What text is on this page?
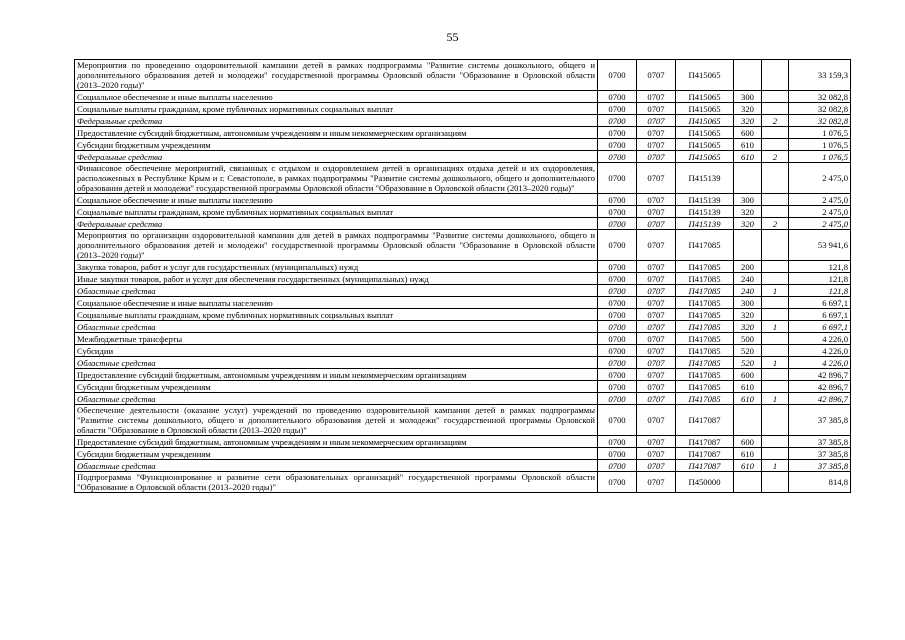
55
Мероприятия по проведению оздоровительной кампании детей в рамках подпрограммы "Развитие системы дошкольного, общего и дополнительного образования детей и молодежи" государственной программы Орловской области "Образование в Орловской области (2013–2020 годы)"	0700	0707	П415065			33 159,3
Социальное обеспечение и иные выплаты населению	0700	0707	П415065	300		32 082,8
Социальные выплаты гражданам, кроме публичных нормативных социальных выплат	0700	0707	П415065	320		32 082,8
Федеральные средства	0700	0707	П415065	320	2	32 082,8
Предоставление субсидий бюджетным, автономным учреждениям и иным некоммерческим организациям	0700	0707	П415065	600		1 076,5
Субсидии бюджетным учреждениям	0700	0707	П415065	610		1 076,5
Федеральные средства	0700	0707	П415065	610	2	1 076,5
Финансовое обеспечение мероприятий, связанных с отдыхом и оздоровлением детей в организациях отдыха детей и их оздоровления, расположенных в Республике Крым и г. Севастополе, в рамках подпрограммы "Развитие системы дошкольного, общего и дополнительного образования детей и молодежи" государственной программы Орловской области "Образование в Орловской области (2013–2020 годы)"	0700	0707	П415139			2 475,0
Социальное обеспечение и иные выплаты населению	0700	0707	П415139	300		2 475,0
Социальные выплаты гражданам, кроме публичных нормативных социальных выплат	0700	0707	П415139	320		2 475,0
Федеральные средства	0700	0707	П415139	320	2	2 475,0
Мероприятия по организации оздоровительной кампании для детей в рамках подпрограммы "Развитие системы дошкольного, общего и дополнительного образования детей и молодежи" государственной программы Орловской области "Образование в Орловской области (2013–2020 годы)"	0700	0707	П417085			53 941,6
Закупка товаров, работ и услуг для государственных (муниципальных) нужд	0700	0707	П417085	200		121,8
Иные закупки товаров, работ и услуг для обеспечения государственных (муниципальных) нужд	0700	0707	П417085	240		121,8
Областные средства	0700	0707	П417085	240	1	121,8
Социальное обеспечение и иные выплаты населению	0700	0707	П417085	300		6 697,1
Социальные выплаты гражданам, кроме публичных нормативных социальных выплат	0700	0707	П417085	320		6 697,1
Областные средства	0700	0707	П417085	320	1	6 697,1
Межбюджетные трансферты	0700	0707	П417085	500		4 226,0
Субсидии	0700	0707	П417085	520		4 226,0
Областные средства	0700	0707	П417085	520	1	4 226,0
Предоставление субсидий бюджетным, автономным учреждениям и иным некоммерческим организациям	0700	0707	П417085	600		42 896,7
Субсидии бюджетным учреждениям	0700	0707	П417085	610		42 896,7
Областные средства	0700	0707	П417085	610	1	42 896,7
Обеспечение деятельности (оказание услуг) учреждений по проведению оздоровительной кампании детей в рамках подпрограммы "Развитие системы дошкольного, общего и дополнительного образования детей и молодежи" государственной программы Орловской области "Образование в Орловской области (2013–2020 годы)"	0700	0707	П417087			37 385,8
Предоставление субсидий бюджетным, автономным учреждениям и иным некоммерческим организациям	0700	0707	П417087	600		37 385,8
Субсидии бюджетным учреждениям	0700	0707	П417087	610		37 385,8
Областные средства	0700	0707	П417087	610	1	37 385,8
Подпрограмма "Функционирование и развитие сети образовательных организаций" государственной программы Орловской области "Образование в Орловской области (2013–2020 годы)"	0700	0707	П450000			814,8
